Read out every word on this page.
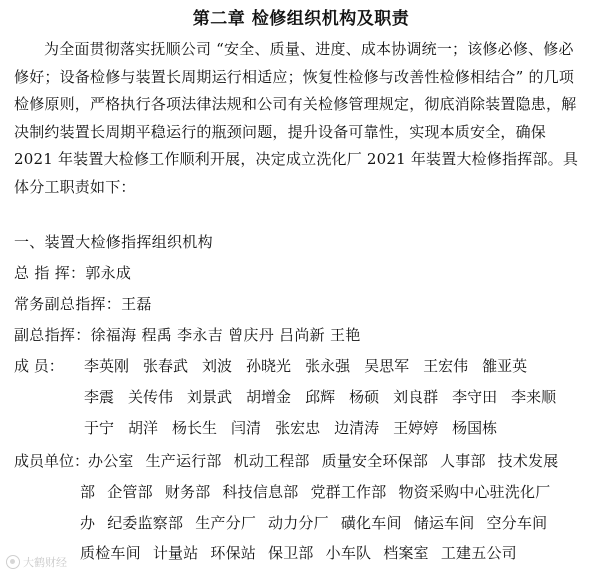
第二章 检修组织机构及职责

为全面贯彻落实抚顺公司 “安全、质量、进度、成本协调统一；该修必修、修必修好；设备检修与装置长周期运行相适应；恢复性检修与改善性检修相结合” 的几项检修原则，严格执行各项法律法规和公司有关检修管理规定，彻底消除装置隐患，解决制约装置长周期平稳运行的瓶颈问题，提升设备可靠性，实现本质安全，确保 2021 年装置大检修工作顺利开展，决定成立洗化厂 2021 年装置大检修指挥部。具体分工职责如下：

一、装置大检修指挥组织机构
总 指 挥：郭永成
常务副总指挥：王磊
副总指挥：徐福海 程禹 李永吉 曾庆丹 吕尚新 王艳
成 员： 李英刚 张春武 刘波 孙晓光 张永强 吴思军 王宏伟 雒亚英
李震 关传伟 刘景武 胡增金 邱辉 杨硕 刘良群 李守田 李来顺
于宁 胡洋 杨长生 闫清 张宏忠 边清涛 王婷婷 杨国栋
成员单位：
办公室 生产运行部 机动工程部 质量安全环保部 人事部 技术发展
部 企管部 财务部 科技信息部 党群工作部 物资采购中心驻洗化厂
办 纪委监察部 生产分厂 动力分厂 磺化车间 储运车间 空分车间
质检车间 计量站 环保站 保卫部 小车队 档案室 工建五公司
大鹤财经
